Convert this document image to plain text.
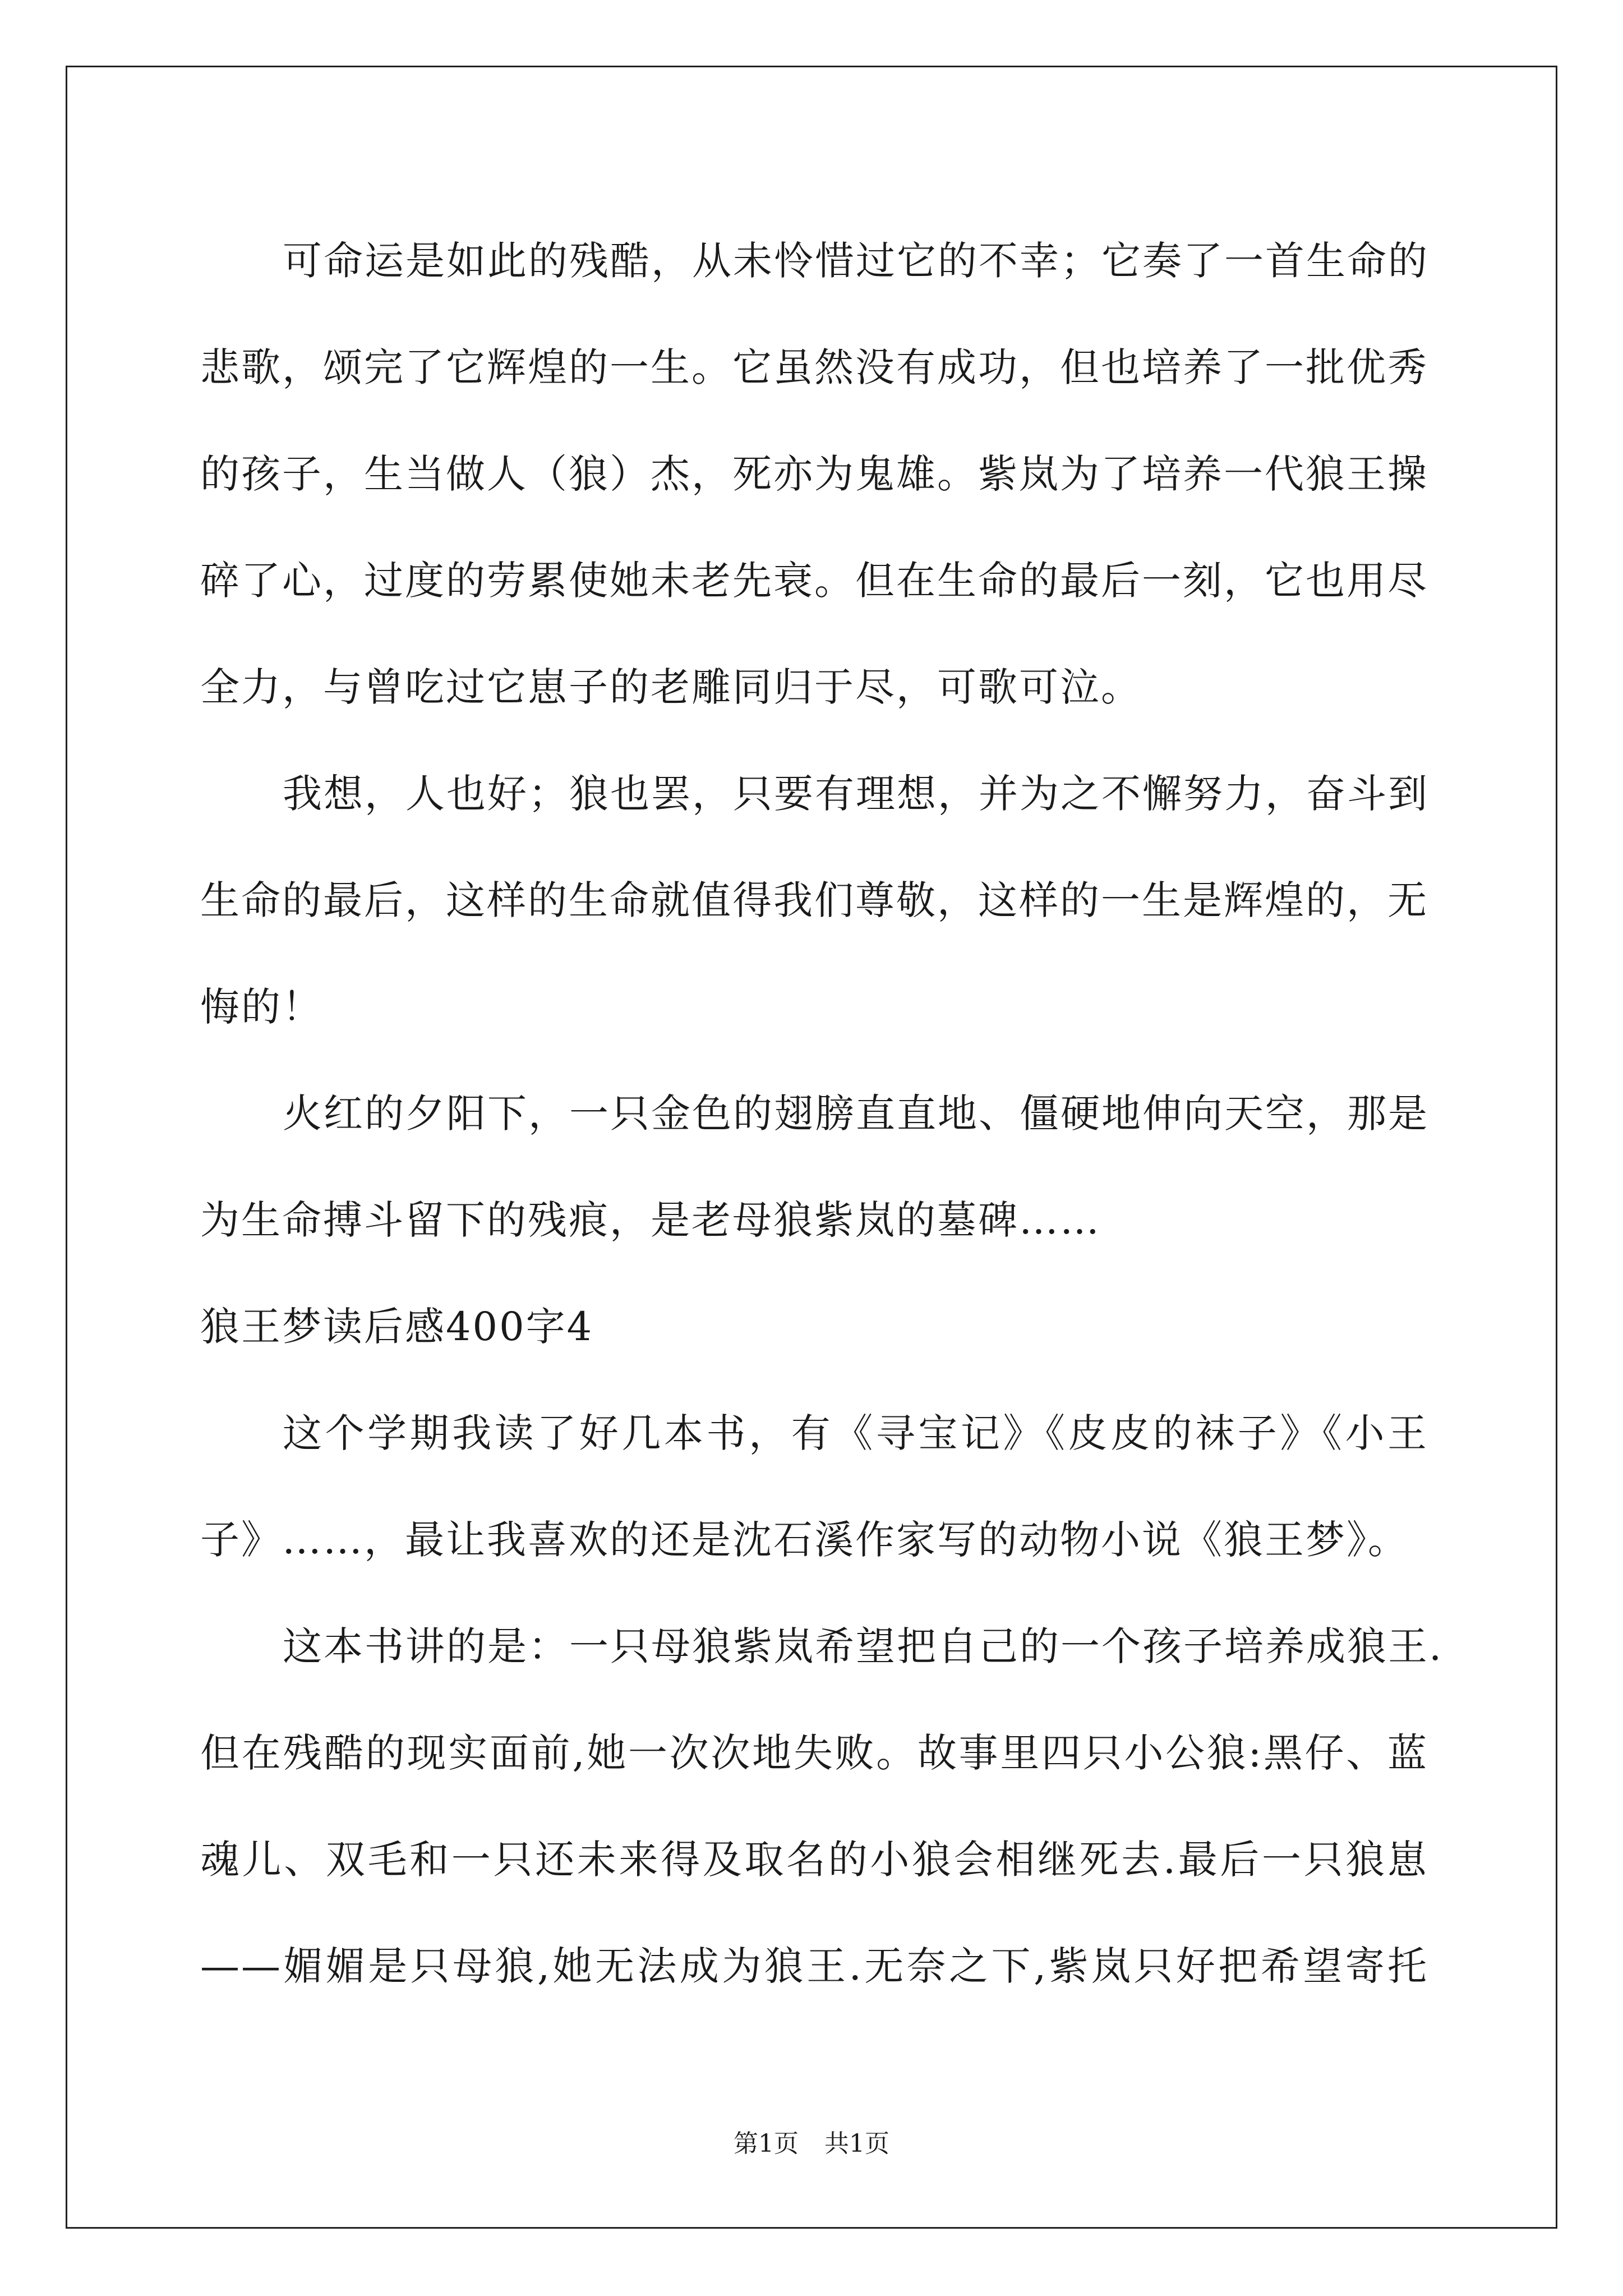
可命运是如此的残酷，从未怜惜过它的不幸；它奏了一首生命的
悲歌，颂完了它辉煌的一生。它虽然没有成功，但也培养了一批优秀
的孩子，生当做人（狼）杰，死亦为鬼雄。紫岚为了培养一代狼王操
碎了心，过度的劳累使她未老先衰。但在生命的最后一刻，它也用尽
全力，与曾吃过它崽子的老雕同归于尽，可歌可泣。
我想，人也好；狼也罢，只要有理想，并为之不懈努力，奋斗到
生命的最后，这样的生命就值得我们尊敬，这样的一生是辉煌的，无
悔的！
火红的夕阳下，一只金色的翅膀直直地、僵硬地伸向天空，那是
为生命搏斗留下的残痕，是老母狼紫岚的墓碑……
狼王梦读后感400字4
这个学期我读了好几本书，有《寻宝记》《皮皮的袜子》《小王
子》……，最让我喜欢的还是沈石溪作家写的动物小说《狼王梦》。
这本书讲的是：一只母狼紫岚希望把自己的一个孩子培养成狼王.
但在残酷的现实面前,她一次次地失败。故事里四只小公狼:黑仔、蓝
魂儿、双毛和一只还未来得及取名的小狼会相继死去.最后一只狼崽
——媚媚是只母狼,她无法成为狼王.无奈之下,紫岚只好把希望寄托
第1页 共1页
